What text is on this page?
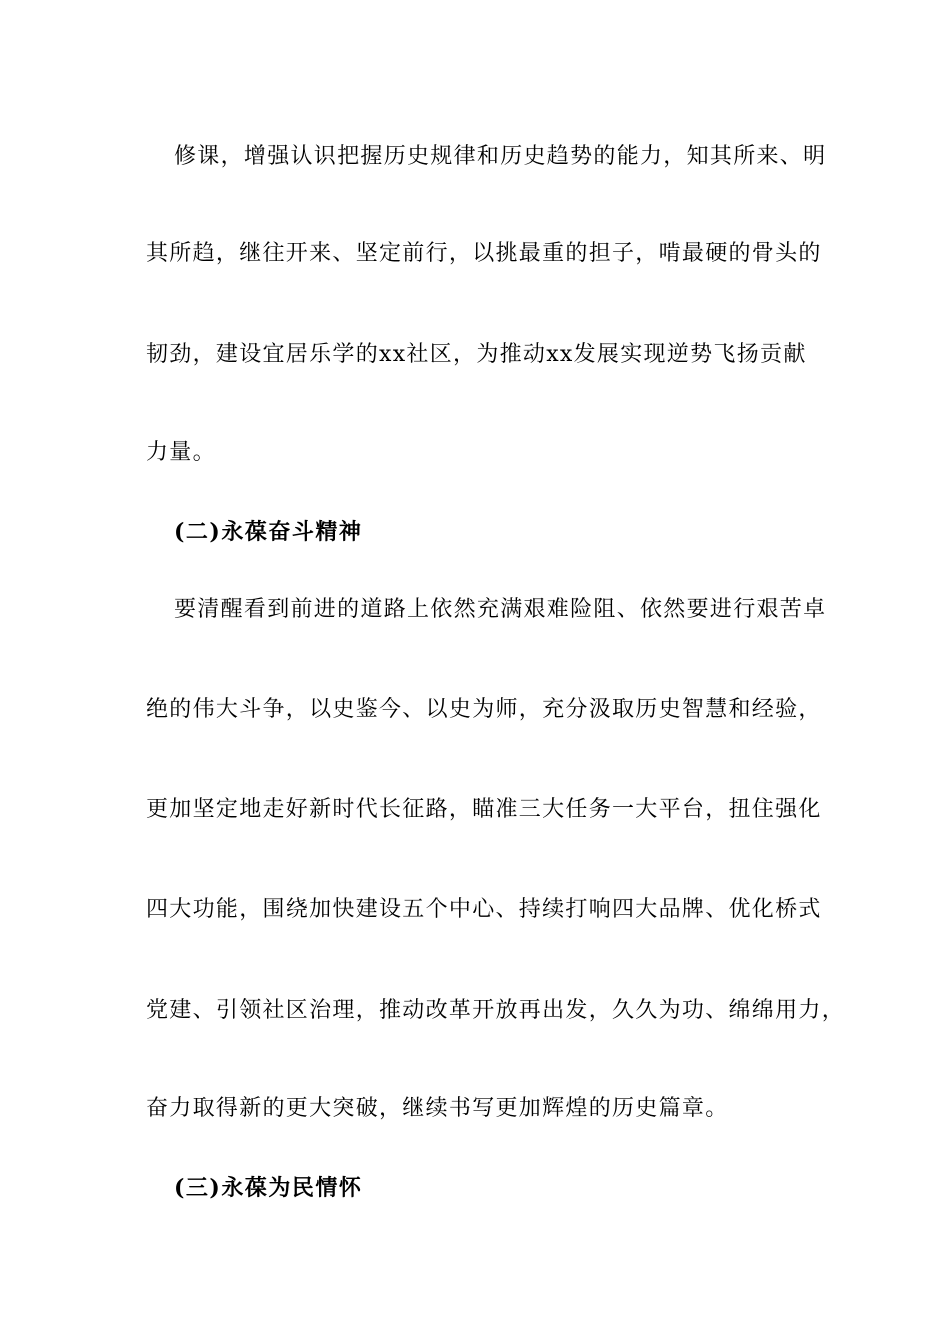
修课，增强认识把握历史规律和历史趋势的能力，知其所来、明
其所趋，继往开来、坚定前行，以挑最重的担子，啃最硬的骨头的
韧劲，建设宜居乐学的xx社区，为推动xx发展实现逆势飞扬贡献
力量。
(二)永葆奋斗精神
要清醒看到前进的道路上依然充满艰难险阻、依然要进行艰苦卓
绝的伟大斗争，以史鉴今、以史为师，充分汲取历史智慧和经验，
更加坚定地走好新时代长征路，瞄准三大任务一大平台，扭住强化
四大功能，围绕加快建设五个中心、持续打响四大品牌、优化桥式
党建、引领社区治理，推动改革开放再出发，久久为功、绵绵用力，
奋力取得新的更大突破，继续书写更加辉煌的历史篇章。
(三)永葆为民情怀
